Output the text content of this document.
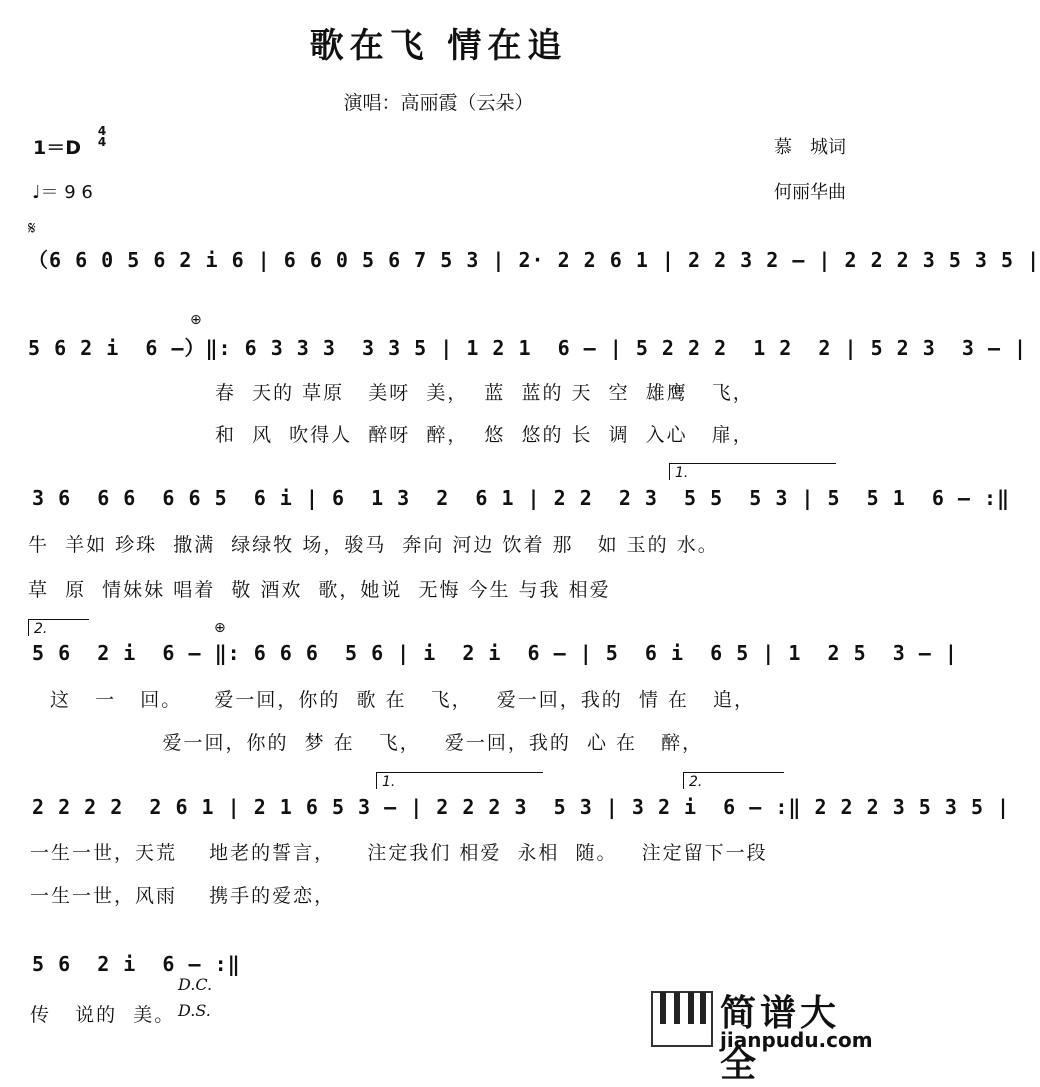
歌在飞 情在追
演唱：高丽霞（云朵）
1＝D
4
4
♩＝ 9 6
慕　城词
何丽华曲
𝄋
（6 6 0 5 6 2 i 6 | 6 6 0 5 6 7 5 3 | 2· 2 2 6 1 | 2 2 3 2 — | 2 2 2 3 5 3 5 |
⊕
5 6 2 i  6 —）‖: 6 3 3 3  3 3 5 | 1 2 1  6 — | 5 2 2 2  1 2  2 | 5 2 3  3 — |
春  天的 草原   美呀  美，  蓝  蓝的 天  空  雄鹰   飞，
和  风  吹得人  醉呀  醉，  悠  悠的 长  调  入心   扉，
1.
3 6  6 6  6 6 5  6 i | 6  1 3  2  6 1 | 2 2  2 3  5 5  5 3 | 5  5 1  6 — :‖
牛  羊如 珍珠  撒满  绿绿牧 场，骏马  奔向 河边 饮着 那   如 玉的 水。
草  原  情妹妹 唱着  敬 酒欢  歌，她说  无悔 今生 与我 相爱
2.	⊕
5 6  2 i  6 — ‖: 6 6 6  5 6 | i  2 i  6 — | 5  6 i  6 5 | 1  2 5  3 — |
这   一   回。    爱一回，你的  歌 在   飞，   爱一回，我的  情 在   追，
爱一回，你的  梦 在   飞，   爱一回，我的  心 在   醉，
1.	2.
2 2 2 2  2 6 1 | 2 1 6 5 3 — | 2 2 2 3  5 3 | 3 2 i  6 — :‖ 2 2 2 3 5 3 5 |
一生一世，天荒    地老的誓言，    注定我们 相爱  永相  随。   注定留下一段
一生一世，风雨    携手的爱恋，
5 6  2 i  6 — :‖
D.C.
传   说的  美。 D.S.	简谱大全
jianpudu.com
